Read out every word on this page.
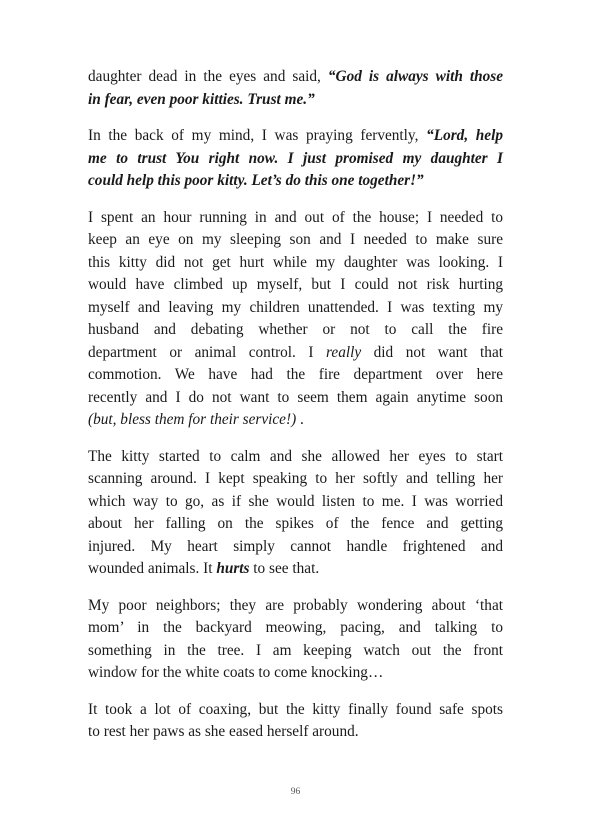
daughter dead in the eyes and said, “God is always with those
in fear, even poor kitties. Trust me.”

In the back of my mind, I was praying fervently, “Lord, help
me to trust You right now. I just promised my daughter I
could help this poor kitty. Let’s do this one together!”

I spent an hour running in and out of the house; I needed to
keep an eye on my sleeping son and I needed to make sure
this kitty did not get hurt while my daughter was looking. I
would have climbed up myself, but I could not risk hurting
myself and leaving my children unattended. I was texting my
husband and debating whether or not to call the fire
department or animal control. I really did not want that
commotion. We have had the fire department over here
recently and I do not want to seem them again anytime soon
(but, bless them for their service!) .

The kitty started to calm and she allowed her eyes to start
scanning around. I kept speaking to her softly and telling her
which way to go, as if she would listen to me. I was worried
about her falling on the spikes of the fence and getting
injured. My heart simply cannot handle frightened and
wounded animals. It hurts to see that.

My poor neighbors; they are probably wondering about ‘that
mom’ in the backyard meowing, pacing, and talking to
something in the tree. I am keeping watch out the front
window for the white coats to come knocking…

It took a lot of coaxing, but the kitty finally found safe spots
to rest her paws as she eased herself around.

96
